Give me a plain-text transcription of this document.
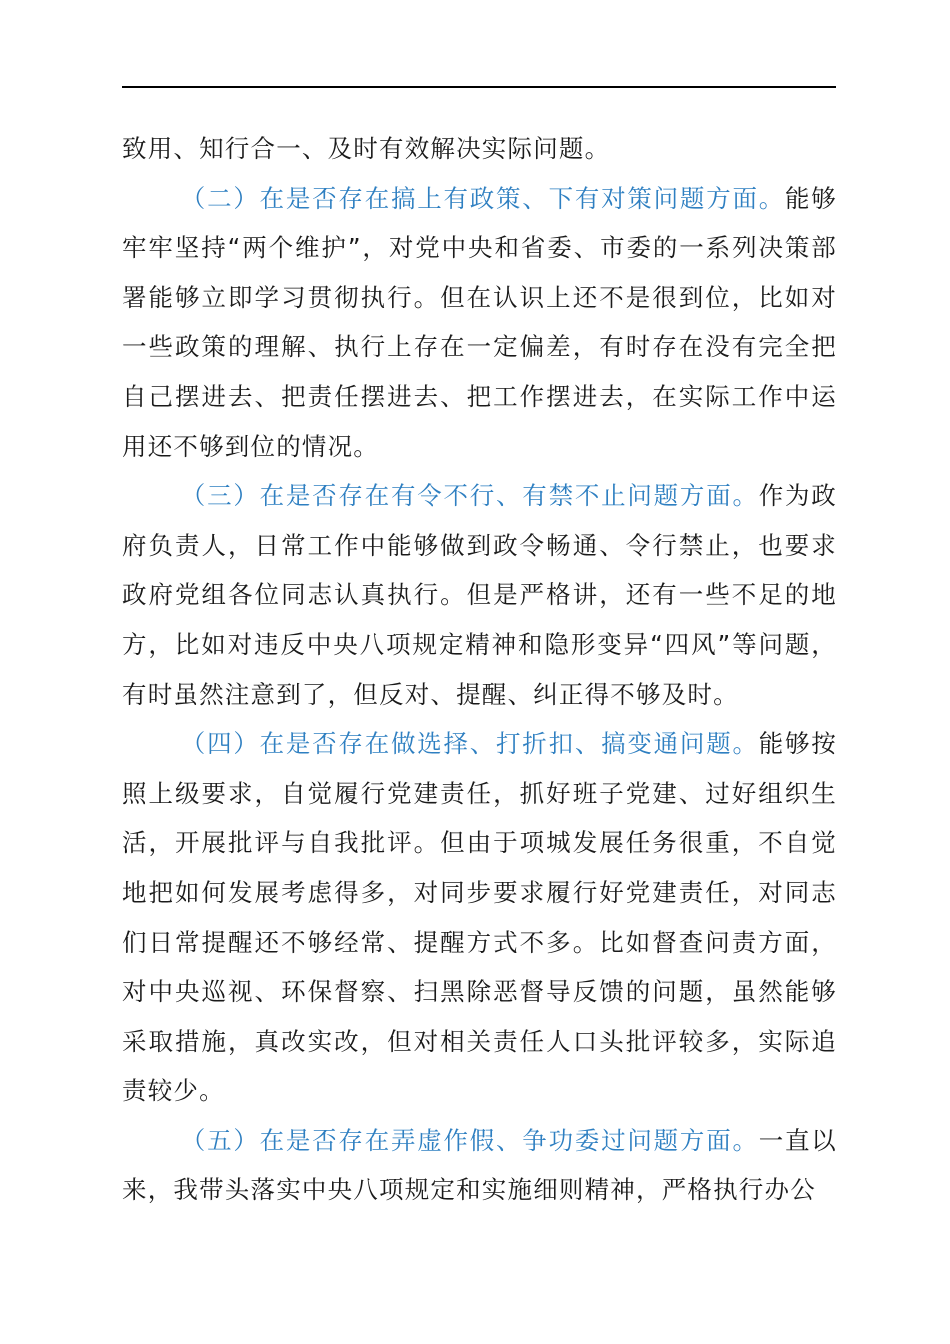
致用、知行合一、及时有效解决实际问题。

（二）在是否存在搞上有政策、下有对策问题方面。能够牢牢坚持“两个维护”，对党中央和省委、市委的一系列决策部署能够立即学习贯彻执行。但在认识上还不是很到位，比如对一些政策的理解、执行上存在一定偏差，有时存在没有完全把自己摆进去、把责任摆进去、把工作摆进去，在实际工作中运用还不够到位的情况。

（三）在是否存在有令不行、有禁不止问题方面。作为政府负责人，日常工作中能够做到政令畅通、令行禁止，也要求政府党组各位同志认真执行。但是严格讲，还有一些不足的地方，比如对违反中央八项规定精神和隐形变异“四风”等问题，有时虽然注意到了，但反对、提醒、纠正得不够及时。

（四）在是否存在做选择、打折扣、搞变通问题。能够按照上级要求，自觉履行党建责任，抓好班子党建、过好组织生活，开展批评与自我批评。但由于项城发展任务很重，不自觉地把如何发展考虑得多，对同步要求履行好党建责任，对同志们日常提醒还不够经常、提醒方式不多。比如督查问责方面，对中央巡视、环保督察、扫黑除恶督导反馈的问题，虽然能够采取措施，真改实改，但对相关责任人口头批评较多，实际追责较少。

（五）在是否存在弄虚作假、争功委过问题方面。一直以来，我带头落实中央八项规定和实施细则精神，严格执行办公
